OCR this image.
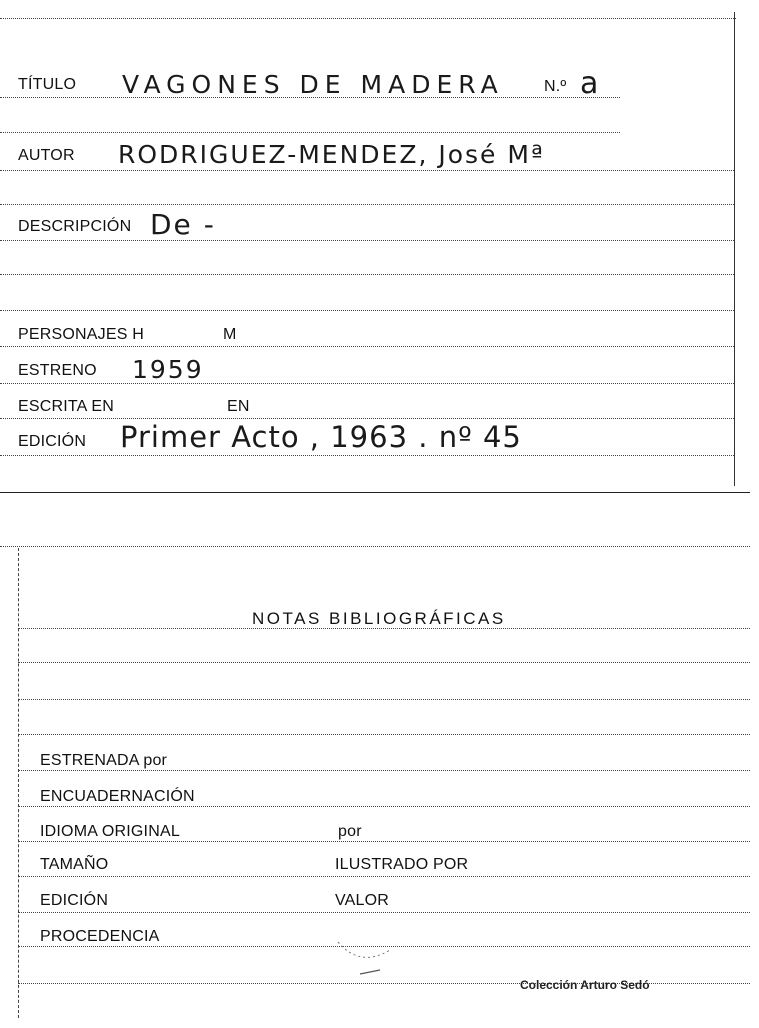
TÍTULO VAGONES DE MADERA	N.º a
AUTOR RODRIGUEZ-MENDEZ, José Mª
DESCRIPCIÓN De -
PERSONAJES H	M
ESTRENO 1959
ESCRITA EN	EN
EDICIÓN Primer Acto , 1963 . nº 45
NOTAS BIBLIOGRÁFICAS
ESTRENADA por
ENCUADERNACIÓN
IDIOMA ORIGINAL	por
TAMAÑO	ILUSTRADO POR
EDICIÓN	VALOR
PROCEDENCIA
Colección Arturo Sedó
